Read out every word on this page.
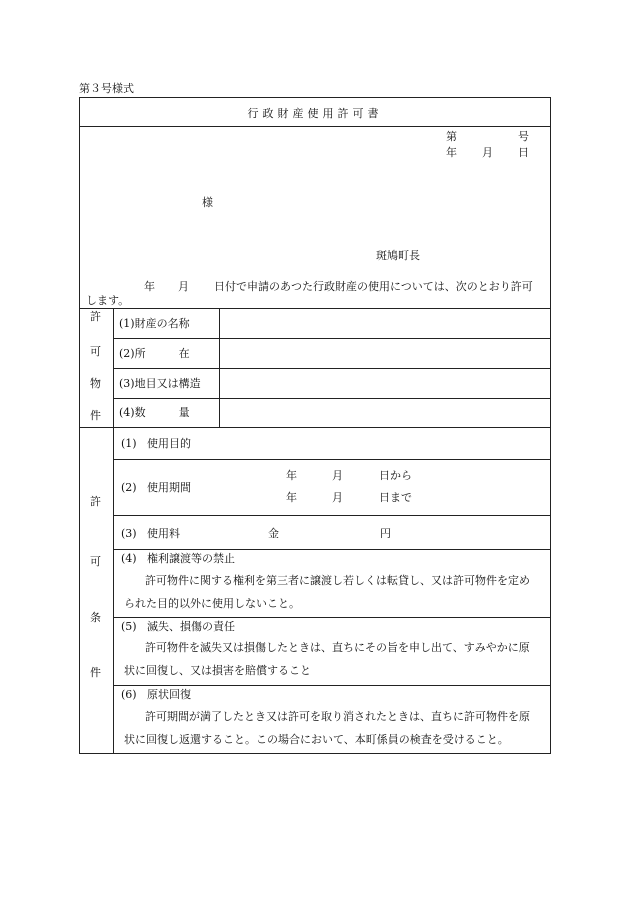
第３号様式
行政財産使用許可書
第	号
年 月 日
様
斑鳩町長
年 月 日付で申請のあつた行政財産の使用については、次のとおり許可
します。
許
可
物
件
(1)財産の名称
(2)所　　　在
(3)地目又は構造
(4)数　　　量
許
可
条
件
(1) 使用目的
(2) 使用期間
年	月	日から
年	月	日まで
(3) 使用料	金	円
(4) 権利譲渡等の禁止
許可物件に関する権利を第三者に譲渡し若しくは転貸し、又は許可物件を定め
られた目的以外に使用しないこと。
(5) 滅失、損傷の責任
許可物件を滅失又は損傷したときは、直ちにその旨を申し出て、すみやかに原
状に回復し、又は損害を賠償すること
(6) 原状回復
許可期間が満了したとき又は許可を取り消されたときは、直ちに許可物件を原
状に回復し返還すること。この場合において、本町係員の検査を受けること。
